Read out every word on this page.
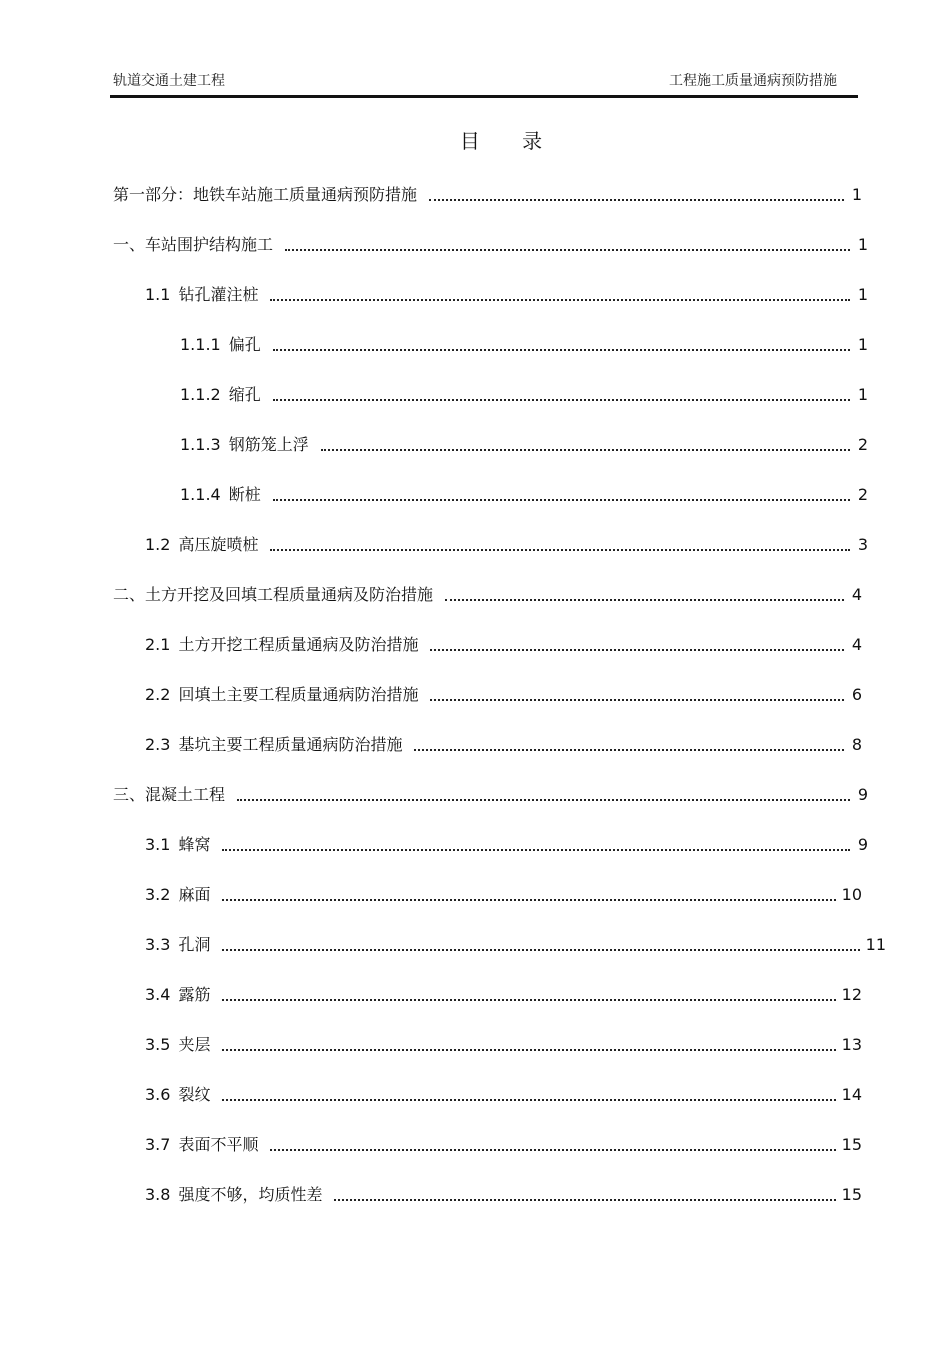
轨道交通土建工程	工程施工质量通病预防措施
目 录
第一部分：地铁车站施工质量通病预防措施	1
一、车站围护结构施工	1
1.1 钻孔灌注桩	1
1.1.1 偏孔	1
1.1.2 缩孔	1
1.1.3 钢筋笼上浮	2
1.1.4 断桩	2
1.2 高压旋喷桩	3
二、土方开挖及回填工程质量通病及防治措施	4
2.1 土方开挖工程质量通病及防治措施	4
2.2 回填土主要工程质量通病防治措施	6
2.3 基坑主要工程质量通病防治措施	8
三、混凝土工程	9
3.1 蜂窝	9
3.2 麻面	10
3.3 孔洞	11
3.4 露筋	12
3.5 夹层	13
3.6 裂纹	14
3.7 表面不平顺	15
3.8 强度不够，均质性差	15
